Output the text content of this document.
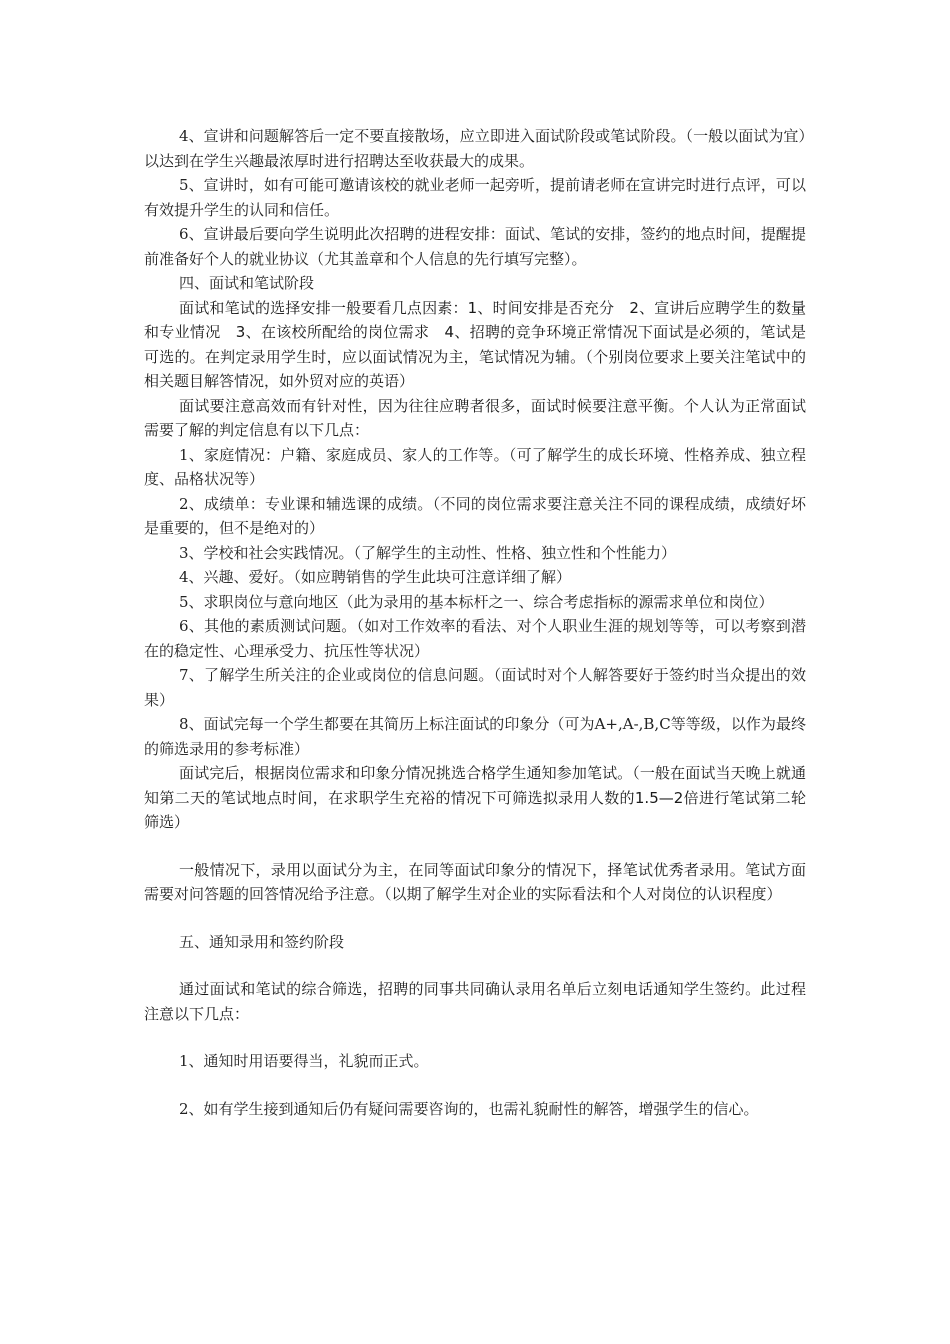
4、宣讲和问题解答后一定不要直接散场，应立即进入面试阶段或笔试阶段。（一般以面试为宜）以达到在学生兴趣最浓厚时进行招聘达至收获最大的成果。

5、宣讲时，如有可能可邀请该校的就业老师一起旁听，提前请老师在宣讲完时进行点评，可以有效提升学生的认同和信任。

6、宣讲最后要向学生说明此次招聘的进程安排：面试、笔试的安排，签约的地点时间，提醒提前准备好个人的就业协议（尤其盖章和个人信息的先行填写完整）。

四、面试和笔试阶段

面试和笔试的选择安排一般要看几点因素：1、时间安排是否充分　2、宣讲后应聘学生的数量和专业情况　3、在该校所配给的岗位需求　4、招聘的竞争环境正常情况下面试是必须的，笔试是可选的。在判定录用学生时，应以面试情况为主，笔试情况为辅。（个别岗位要求上要关注笔试中的相关题目解答情况，如外贸对应的英语）

面试要注意高效而有针对性，因为往往应聘者很多，面试时候要注意平衡。个人认为正常面试需要了解的判定信息有以下几点：

1、家庭情况：户籍、家庭成员、家人的工作等。（可了解学生的成长环境、性格养成、独立程度、品格状况等）

2、成绩单：专业课和辅选课的成绩。（不同的岗位需求要注意关注不同的课程成绩，成绩好坏是重要的，但不是绝对的）

3、学校和社会实践情况。（了解学生的主动性、性格、独立性和个性能力）

4、兴趣、爱好。（如应聘销售的学生此块可注意详细了解）

5、求职岗位与意向地区（此为录用的基本标杆之一、综合考虑指标的源需求单位和岗位）

6、其他的素质测试问题。（如对工作效率的看法、对个人职业生涯的规划等等，可以考察到潜在的稳定性、心理承受力、抗压性等状况）

7、了解学生所关注的企业或岗位的信息问题。（面试时对个人解答要好于签约时当众提出的效果）

8、面试完每一个学生都要在其简历上标注面试的印象分（可为A+,A-,B,C等等级，以作为最终的筛选录用的参考标准）

面试完后，根据岗位需求和印象分情况挑选合格学生通知参加笔试。（一般在面试当天晚上就通知第二天的笔试地点时间，在求职学生充裕的情况下可筛选拟录用人数的1.5—2倍进行笔试第二轮筛选）

一般情况下，录用以面试分为主，在同等面试印象分的情况下，择笔试优秀者录用。笔试方面需要对问答题的回答情况给予注意。（以期了解学生对企业的实际看法和个人对岗位的认识程度）

五、通知录用和签约阶段

通过面试和笔试的综合筛选，招聘的同事共同确认录用名单后立刻电话通知学生签约。此过程注意以下几点：

1、通知时用语要得当，礼貌而正式。

2、如有学生接到通知后仍有疑问需要咨询的，也需礼貌耐性的解答，增强学生的信心。
